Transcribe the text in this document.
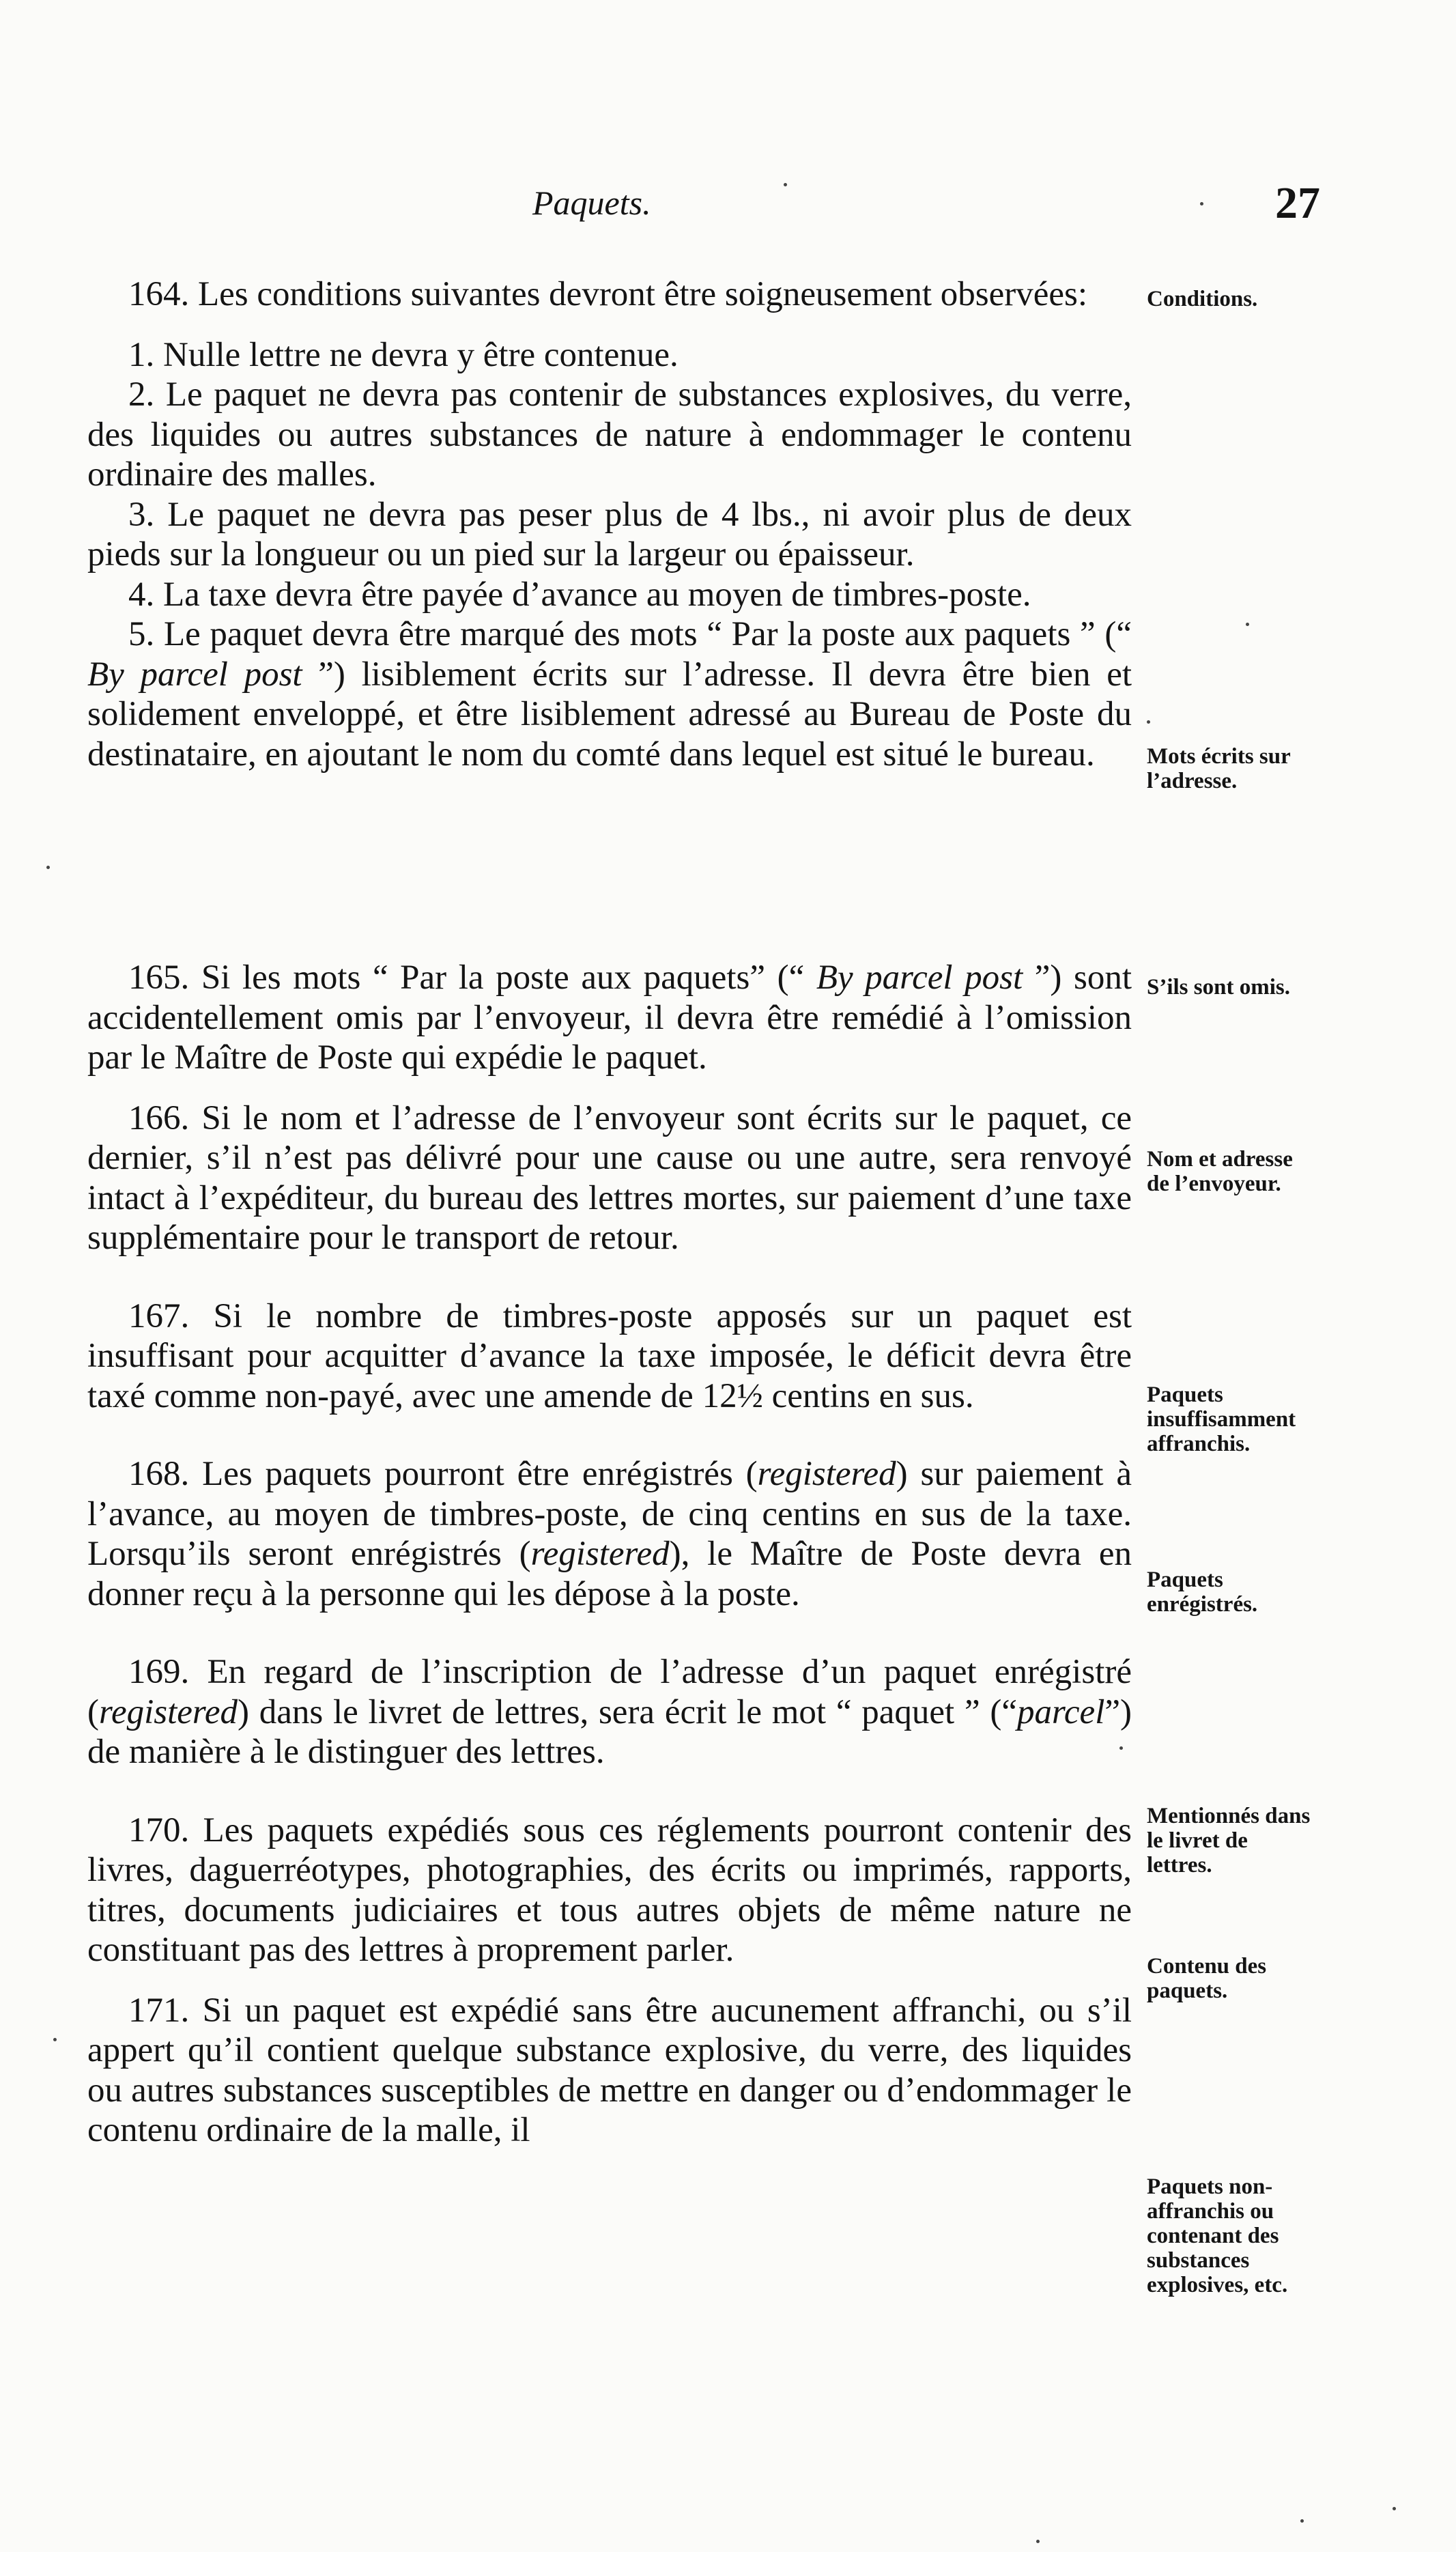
Paquets.	27

164. Les conditions suivantes devront être soigneusement observées:

1. Nulle lettre ne devra y être contenue.

2. Le paquet ne devra pas contenir de substances explosives, du verre, des liquides ou autres substances de nature à endommager le contenu ordinaire des malles.

3. Le paquet ne devra pas peser plus de 4 lbs., ni avoir plus de deux pieds sur la longueur ou un pied sur la largeur ou épaisseur.

4. La taxe devra être payée d’avance au moyen de timbres-poste.

5. Le paquet devra être marqué des mots “ Par la poste aux paquets ” (“ By parcel post ”) lisiblement écrits sur l’adresse. Il devra être bien et solidement enveloppé, et être lisiblement adressé au Bureau de Poste du destinataire, en ajoutant le nom du comté dans lequel est situé le bureau.

165. Si les mots “ Par la poste aux paquets” (“ By parcel post ”) sont accidentellement omis par l’envoyeur, il devra être remédié à l’omission par le Maître de Poste qui expédie le paquet.

166. Si le nom et l’adresse de l’envoyeur sont écrits sur le paquet, ce dernier, s’il n’est pas délivré pour une cause ou une autre, sera renvoyé intact à l’expéditeur, du bureau des lettres mortes, sur paiement d’une taxe supplémentaire pour le transport de retour.

167. Si le nombre de timbres-poste apposés sur un paquet est insuffisant pour acquitter d’avance la taxe imposée, le déficit devra être taxé comme non-payé, avec une amende de 12½ centins en sus.

168. Les paquets pourront être enrégistrés (registered) sur paiement à l’avance, au moyen de timbres-poste, de cinq centins en sus de la taxe. Lorsqu’ils seront enrégistrés (registered), le Maître de Poste devra en donner reçu à la personne qui les dépose à la poste.

169. En regard de l’inscription de l’adresse d’un paquet enrégistré (registered) dans le livret de lettres, sera écrit le mot “ paquet ” (“parcel”) de manière à le distinguer des lettres.

170. Les paquets expédiés sous ces réglements pourront contenir des livres, daguerréotypes, photographies, des écrits ou imprimés, rapports, titres, documents judiciaires et tous autres objets de même nature ne constituant pas des lettres à proprement parler.

171. Si un paquet est expédié sans être aucunement affranchi, ou s’il appert qu’il contient quelque substance explosive, du verre, des liquides ou autres substances susceptibles de mettre en danger ou d’endommager le contenu ordinaire de la malle, il

Conditions.
Mots écrits sur l’adresse.
S’ils sont omis.
Nom et adresse de l’envoyeur.
Paquets insuffisamment affranchis.
Paquets enrégistrés.
Mentionnés dans le livret de lettres.
Contenu des paquets.
Paquets non-affranchis ou contenant des substances explosives, etc.
